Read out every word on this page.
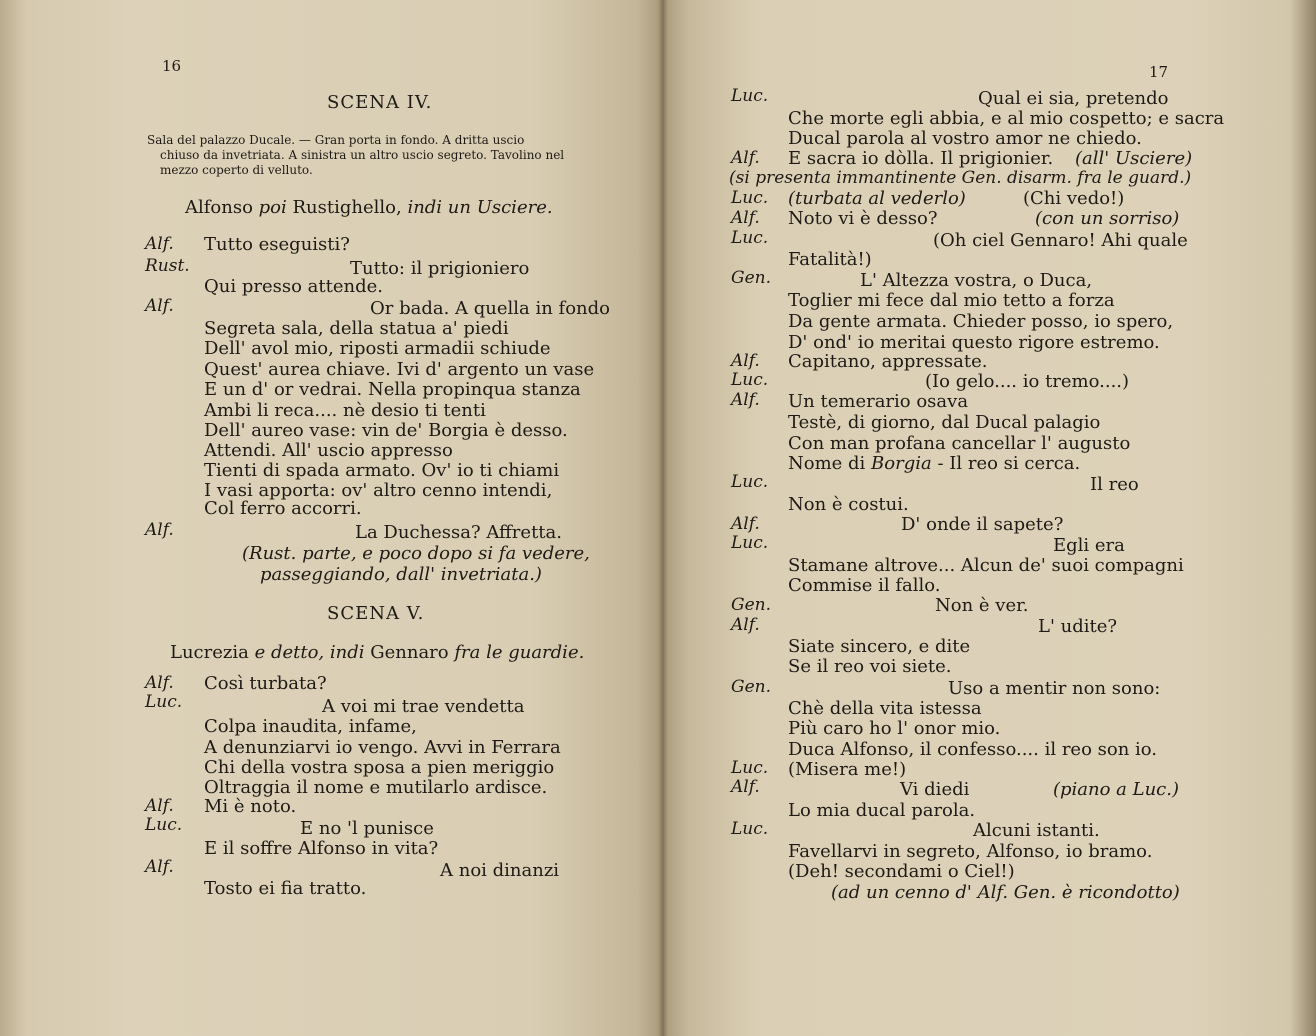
16
SCENA IV.
Sala del palazzo Ducale. — Gran porta in fondo. A dritta uscio
chiuso da invetriata. A sinistra un altro uscio segreto. Tavolino nel
mezzo coperto di velluto.
Alfonso poi Rustighello, indi un Usciere.
Alf. Tutto eseguisti?
Rust.	Tutto: il prigioniero
Qui presso attende.
Alf.	Or bada. A quella in fondo
Segreta sala, della statua a' piedi
Dell' avol mio, riposti armadii schiude
Quest' aurea chiave. Ivi d' argento un vase
E un d' or vedrai. Nella propinqua stanza
Ambi li reca.... nè desio ti tenti
Dell' aureo vase: vin de' Borgia è desso.
Attendi. All' uscio appresso
Tienti di spada armato. Ov' io ti chiami
I vasi apporta: ov' altro cenno intendi,
Col ferro accorri.
Alf.	La Duchessa? Affretta.
(Rust. parte, e poco dopo si fa vedere,
passeggiando, dall' invetriata.)
SCENA V.
Lucrezia e detto, indi Gennaro fra le guardie.
Alf. Così turbata?
Luc.	A voi mi trae vendetta
Colpa inaudita, infame,
A denunziarvi io vengo. Avvi in Ferrara
Chi della vostra sposa a pien meriggio
Oltraggia il nome e mutilarlo ardisce.
Alf. Mi è noto.
Luc.	E no 'l punisce
E il soffre Alfonso in vita?
Alf.	A noi dinanzi
Tosto ei fia tratto.
17
Luc.	Qual ei sia, pretendo
Che morte egli abbia, e al mio cospetto; e sacra
Ducal parola al vostro amor ne chiedo.
Alf. E sacra io dòlla. Il prigionier. (all' Usciere)
(si presenta immantinente Gen. disarm. fra le guard.)
Luc. (turbata al vederlo)	(Chi vedo!)
Alf. Noto vi è desso?	(con un sorriso)
Luc.	(Oh ciel Gennaro! Ahi quale
Fatalità!)
Gen.	L' Altezza vostra, o Duca,
Toglier mi fece dal mio tetto a forza
Da gente armata. Chieder posso, io spero,
D' ond' io meritai questo rigore estremo.
Alf. Capitano, appressate.
Luc.	(Io gelo.... io tremo....)
Alf. Un temerario osava
Testè, di giorno, dal Ducal palagio
Con man profana cancellar l' augusto
Nome di Borgia - Il reo si cerca.
Luc.	Il reo
Non è costui.
Alf.	D' onde il sapete?
Luc.	Egli era
Stamane altrove... Alcun de' suoi compagni
Commise il fallo.
Gen.	Non è ver.
Alf.	L' udite?
Siate sincero, e dite
Se il reo voi siete.
Gen.	Uso a mentir non sono:
Chè della vita istessa
Più caro ho l' onor mio.
Duca Alfonso, il confesso.... il reo son io.
Luc. (Misera me!)
Alf.	Vi diedi	(piano a Luc.)
Lo mia ducal parola.
Luc.	Alcuni istanti.
Favellarvi in segreto, Alfonso, io bramo.
(Deh! secondami o Ciel!)
(ad un cenno d' Alf. Gen. è ricondotto)
